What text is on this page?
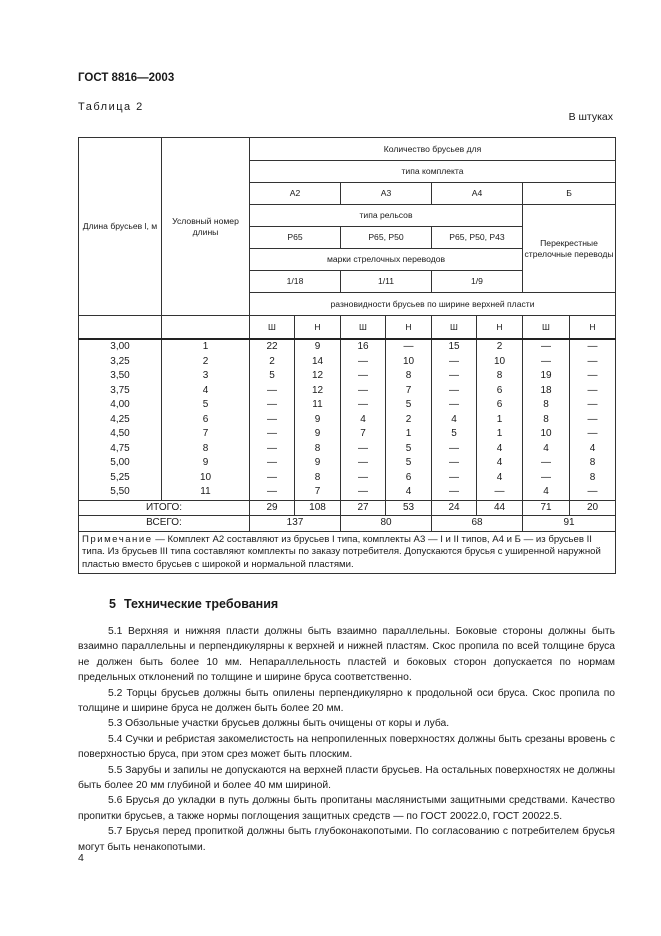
ГОСТ 8816—2003
Таблица 2
В штуках
Длина брусьев l, м	Условный номер длины	Количество брусьев для							
		типа комплекта							
		А2		А3		А4		Б	
		типа рельсов						Перекрестные стрелочные переводы	
		Р65		Р65, Р50		Р65, Р50, Р43			
		марки стрелочных переводов							
		1/18		1/11		1/9			
		разновидности брусьев по ширине верхней пласти							
		Ш	Н	Ш	Н	Ш	Н	Ш	Н
3,00	1	22	9	16	—	15	2	—	—
3,25	2	2	14	—	10	—	10	—	—
3,50	3	5	12	—	8	—	8	19	—
3,75	4	—	12	—	7	—	6	18	—
4,00	5	—	11	—	5	—	6	8	—
4,25	6	—	9	4	2	4	1	8	—
4,50	7	—	9	7	1	5	1	10	—
4,75	8	—	8	—	5	—	4	4	4
5,00	9	—	9	—	5	—	4	—	8
5,25	10	—	8	—	6	—	4	—	8
5,50	11	—	7	—	4	—	—	4	—
ИТОГО:		29	108	27	53	24	44	71	20
ВСЕГО:		137		80		68		91	
Примечание — Комплект А2 составляют из брусьев I типа, комплекты А3 — I и II типов, А4 и Б — из брусьев II типа. Из брусьев III типа составляют комплекты по заказу потребителя. Допускаются брусья с уширенной наружной пластью вместо брусьев с широкой и нормальной пластями.									
5 Технические требования

5.1 Верхняя и нижняя пласти должны быть взаимно параллельны. Боковые стороны должны быть взаимно параллельны и перпендикулярны к верхней и нижней пластям. Скос пропила по всей толщине бруса не должен быть более 10 мм. Непараллельность пластей и боковых сторон допускается по нормам предельных отклонений по толщине и ширине бруса соответственно.

5.2 Торцы брусьев должны быть опилены перпендикулярно к продольной оси бруса. Скос пропила по толщине и ширине бруса не должен быть более 20 мм.

5.3 Обзольные участки брусьев должны быть очищены от коры и луба.

5.4 Сучки и ребристая закомелистость на непропиленных поверхностях должны быть срезаны вровень с поверхностью бруса, при этом срез может быть плоским.

5.5 Зарубы и запилы не допускаются на верхней пласти брусьев. На остальных поверхностях не должны быть более 20 мм глубиной и более 40 мм шириной.

5.6 Брусья до укладки в путь должны быть пропитаны маслянистыми защитными средствами. Качество пропитки брусьев, а также нормы поглощения защитных средств — по ГОСТ 20022.0, ГОСТ 20022.5.

5.7 Брусья перед пропиткой должны быть глубоконакопотыми. По согласованию с потребителем брусья могут быть ненакопотыми.

4
